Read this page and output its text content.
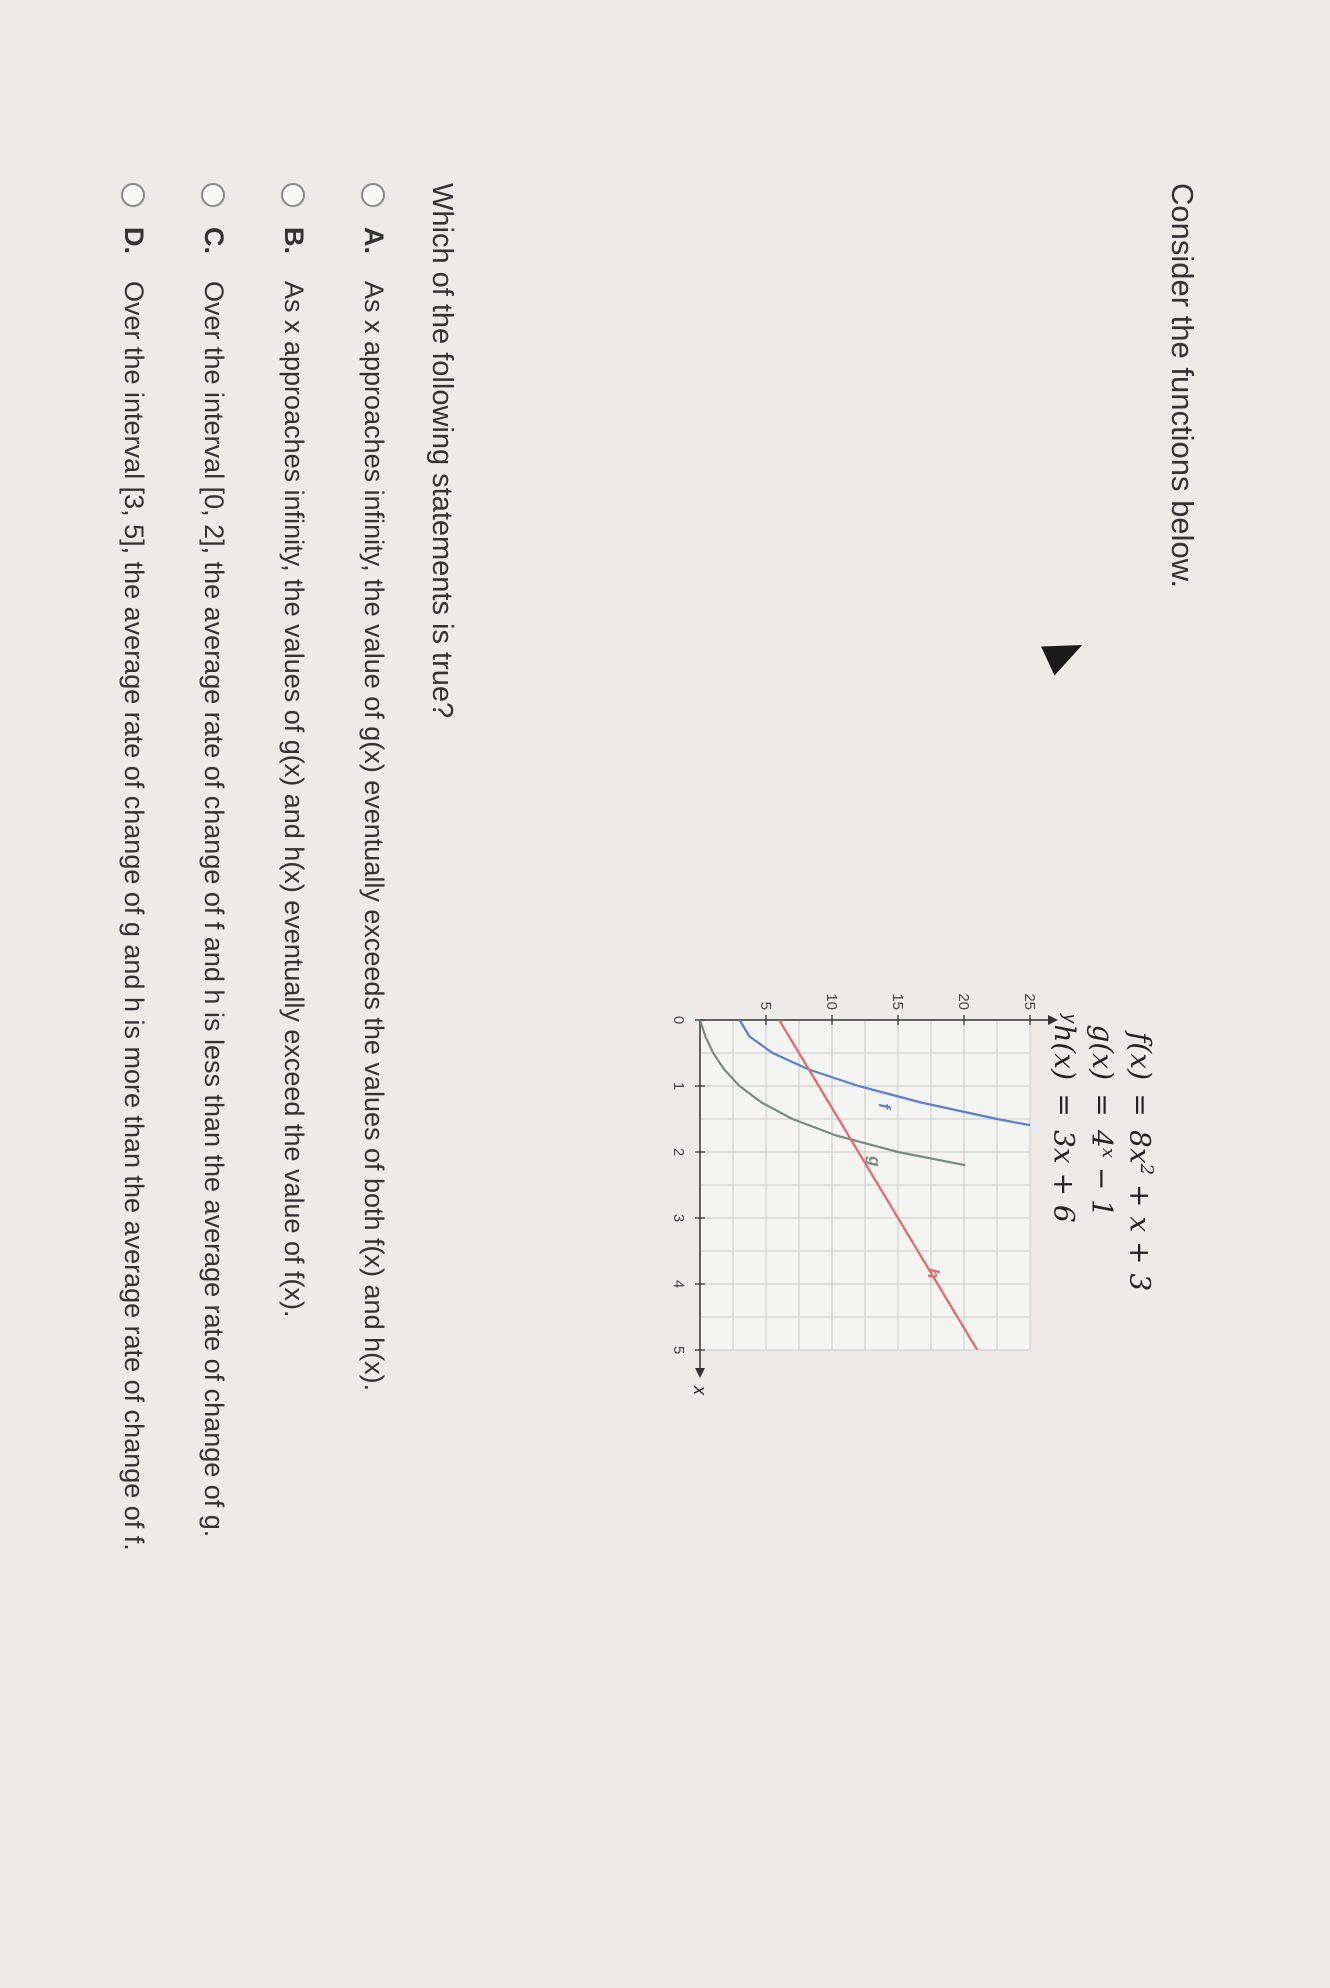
Consider the functions below.
f(x)
=
$8x^2 + x + 3$
g(x)
=
$4^x - 1$
h(x)
=
3x + 6
x
y
0
1
2
3
4
5
5	10	15	20	25
f
g
h
Which of the following statements is true?
A.
As x approaches infinity, the value of g(x) eventually exceeds the values of both f(x) and h(x).
B.
As x approaches infinity, the values of g(x) and h(x) eventually exceed the value of f(x).
C.
Over the interval [0, 2], the average rate of change of f and h is less than the average rate of change of g.
D.
Over the interval [3, 5], the average rate of change of g and h is more than the average rate of change of f.
